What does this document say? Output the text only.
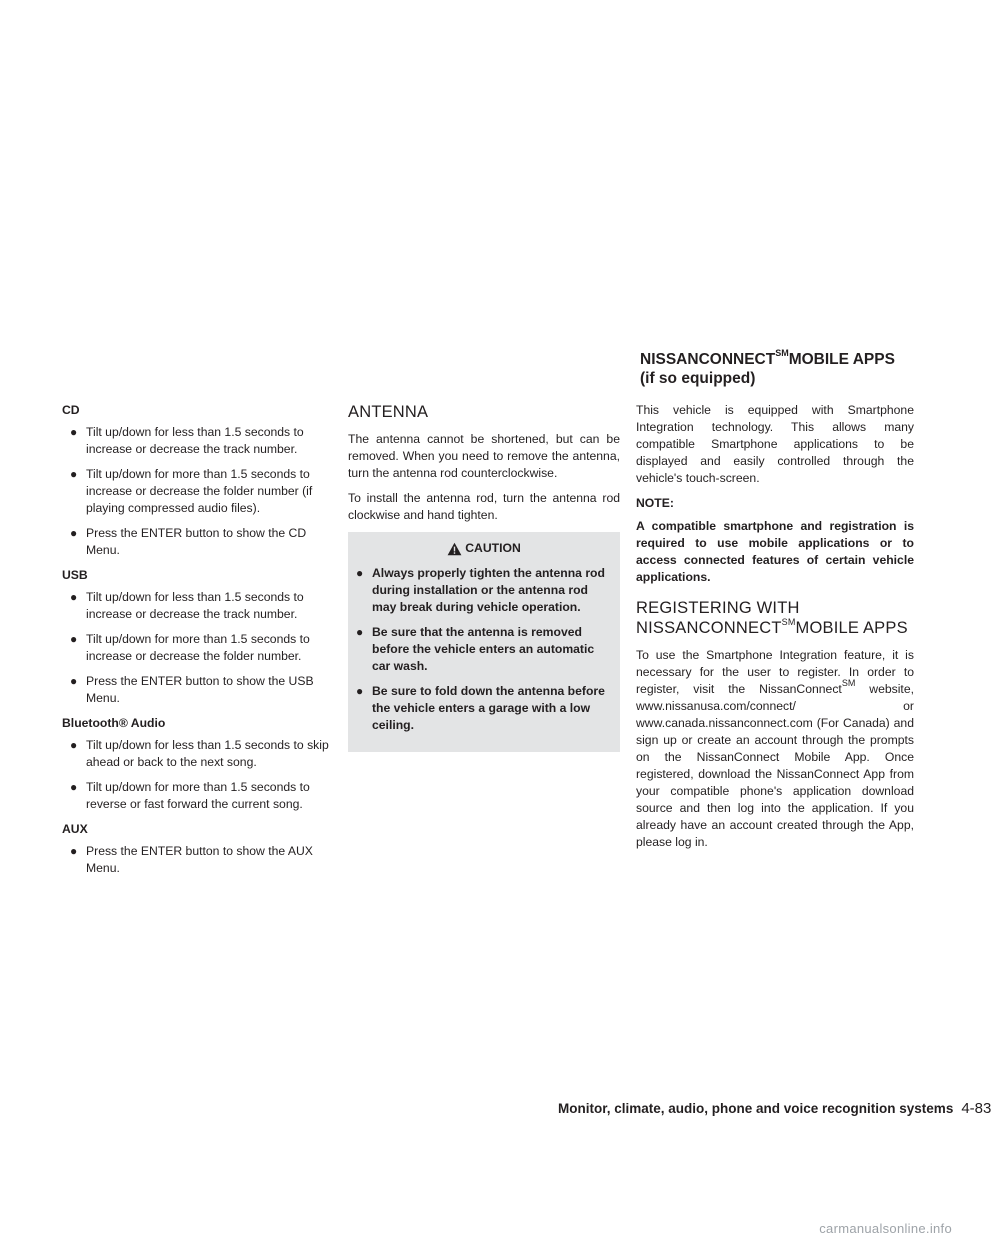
NISSANCONNECT℠MOBILE APPS
(if so equipped)
CD
● Tilt up/down for less than 1.5 seconds to increase or decrease the track number.
● Tilt up/down for more than 1.5 seconds to increase or decrease the folder number (if playing compressed audio files).
● Press the ENTER button to show the CD Menu.
USB
● Tilt up/down for less than 1.5 seconds to increase or decrease the track number.
● Tilt up/down for more than 1.5 seconds to increase or decrease the folder number.
● Press the ENTER button to show the USB Menu.
Bluetooth® Audio
● Tilt up/down for less than 1.5 seconds to skip ahead or back to the next song.
● Tilt up/down for more than 1.5 seconds to reverse or fast forward the current song.
AUX
● Press the ENTER button to show the AUX Menu.
ANTENNA

The antenna cannot be shortened, but can be removed. When you need to remove the antenna, turn the antenna rod counterclockwise.

To install the antenna rod, turn the antenna rod clockwise and hand tighten.

CAUTION
● Always properly tighten the antenna rod during installation or the antenna rod may break during vehicle operation.
● Be sure that the antenna is removed before the vehicle enters an automatic car wash.
● Be sure to fold down the antenna before the vehicle enters a garage with a low ceiling.

This vehicle is equipped with Smartphone Integration technology. This allows many compatible Smartphone applications to be displayed and easily controlled through the vehicle's touch-screen.

NOTE:

A compatible smartphone and registration is required to use mobile applications or to access connected features of certain vehicle applications.

REGISTERING WITH
NISSANCONNECT℠MOBILE APPS

To use the Smartphone Integration feature, it is necessary for the user to register. In order to register, visit the NissanConnect℠ website, www.nissanusa.com/connect/ or www.canada.nissanconnect.com (For Canada) and sign up or create an account through the prompts on the NissanConnect Mobile App. Once registered, download the NissanConnect App from your compatible phone's application download source and then log into the application. If you already have an account created through the App, please log in.

Monitor, climate, audio, phone and voice recognition systems 4-83
carmanualsonline.info
